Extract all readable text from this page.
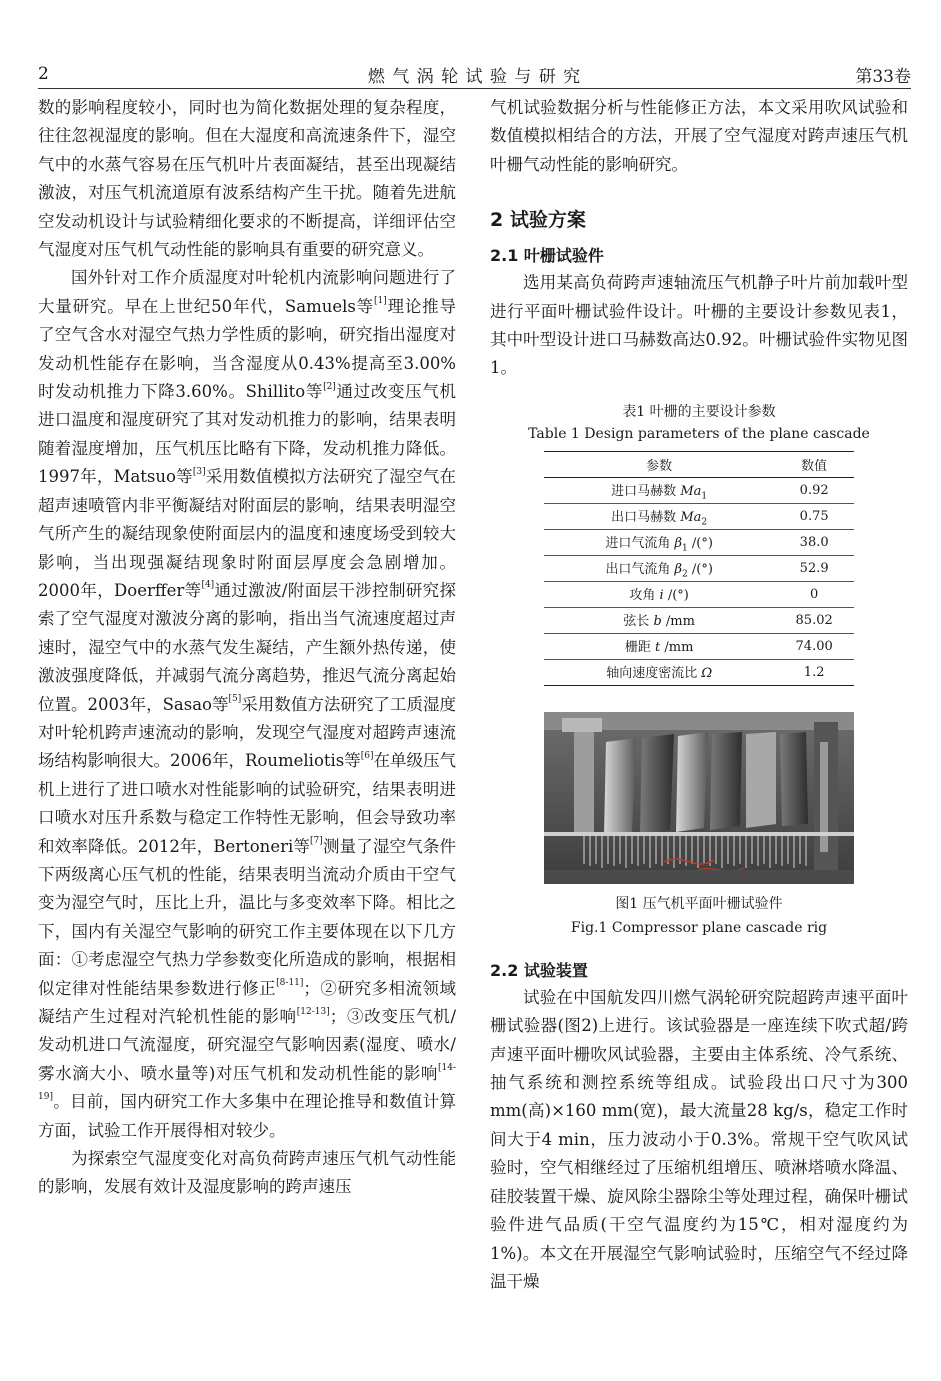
2	燃 气 涡 轮 试 验 与 研 究	第33卷

数的影响程度较小，同时也为简化数据处理的复杂程度，往往忽视湿度的影响。但在大湿度和高流速条件下，湿空气中的水蒸气容易在压气机叶片表面凝结，甚至出现凝结激波，对压气机流道原有波系结构产生干扰。随着先进航空发动机设计与试验精细化要求的不断提高，详细评估空气湿度对压气机气动性能的影响具有重要的研究意义。

国外针对工作介质湿度对叶轮机内流影响问题进行了大量研究。早在上世纪50年代，Samuels等[1]理论推导了空气含水对湿空气热力学性质的影响，研究指出湿度对发动机性能存在影响，当含湿度从0.43%提高至3.00%时发动机推力下降3.60%。Shillito等[2]通过改变压气机进口温度和湿度研究了其对发动机推力的影响，结果表明随着湿度增加，压气机压比略有下降，发动机推力降低。1997年，Matsuo等[3]采用数值模拟方法研究了湿空气在超声速喷管内非平衡凝结对附面层的影响，结果表明湿空气所产生的凝结现象使附面层内的温度和速度场受到较大影响，当出现强凝结现象时附面层厚度会急剧增加。2000年，Doerffer等[4]通过激波/附面层干涉控制研究探索了空气湿度对激波分离的影响，指出当气流速度超过声速时，湿空气中的水蒸气发生凝结，产生额外热传递，使激波强度降低，并减弱气流分离趋势，推迟气流分离起始位置。2003年，Sasao等[5]采用数值方法研究了工质湿度对叶轮机跨声速流动的影响，发现空气湿度对超跨声速流场结构影响很大。2006年，Roumeliotis等[6]在单级压气机上进行了进口喷水对性能影响的试验研究，结果表明进口喷水对压升系数与稳定工作特性无影响，但会导致功率和效率降低。2012年，Bertoneri等[7]测量了湿空气条件下两级离心压气机的性能，结果表明当流动介质由干空气变为湿空气时，压比上升，温比与多变效率下降。相比之下，国内有关湿空气影响的研究工作主要体现在以下几方面：①考虑湿空气热力学参数变化所造成的影响，根据相似定律对性能结果参数进行修正[8-11]；②研究多相流领域凝结产生过程对汽轮机性能的影响[12-13]；③改变压气机/发动机进口气流湿度，研究湿空气影响因素(湿度、喷水/雾水滴大小、喷水量等)对压气机和发动机性能的影响[14-19]。目前，国内研究工作大多集中在理论推导和数值计算方面，试验工作开展得相对较少。

为探索空气湿度变化对高负荷跨声速压气机气动性能的影响，发展有效计及湿度影响的跨声速压

气机试验数据分析与性能修正方法，本文采用吹风试验和数值模拟相结合的方法，开展了空气湿度对跨声速压气机叶栅气动性能的影响研究。

2 试验方案
2.1 叶栅试验件

选用某高负荷跨声速轴流压气机静子叶片前加载叶型进行平面叶栅试验件设计。叶栅的主要设计参数见表1，其中叶型设计进口马赫数高达0.92。叶栅试验件实物见图1。

表1 叶栅的主要设计参数
Table 1 Design parameters of the plane cascade
参数	数值
进口马赫数 $Ma_1$	0.92
出口马赫数 $Ma_2$	0.75
进口气流角 $\beta_1$ /(°)	38.0
出口气流角 $\beta_2$ /(°)	52.9
攻角 i /(°)	0
弦长 b /mm	85.02
栅距 t /mm	74.00
轴向速度密流比 Ω	1.2
图1 压气机平面叶栅试验件
Fig.1 Compressor plane cascade rig
2.2 试验装置

试验在中国航发四川燃气涡轮研究院超跨声速平面叶栅试验器(图2)上进行。该试验器是一座连续下吹式超/跨声速平面叶栅吹风试验器，主要由主体系统、冷气系统、抽气系统和测控系统等组成。试验段出口尺寸为300 mm(高)×160 mm(宽)，最大流量28 kg/s，稳定工作时间大于4 min，压力波动小于0.3%。常规干空气吹风试验时，空气相继经过了压缩机组增压、喷淋塔喷水降温、硅胶装置干燥、旋风除尘器除尘等处理过程，确保叶栅试验件进气品质(干空气温度约为15℃，相对湿度约为1%)。本文在开展湿空气影响试验时，压缩空气不经过降温干燥
